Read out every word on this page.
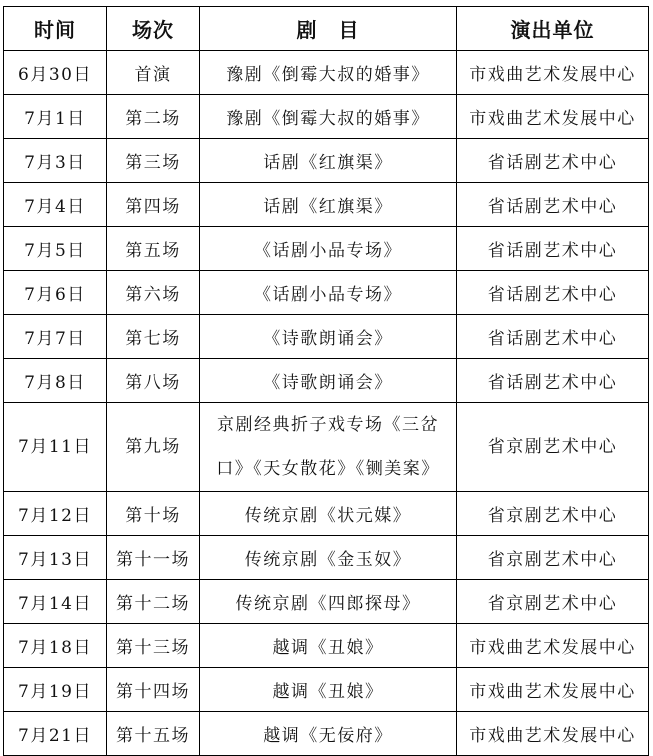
时间	场次	剧　目	演出单位
6月30日	首演	豫剧《倒霉大叔的婚事》	市戏曲艺术发展中心
7月1日	第二场	豫剧《倒霉大叔的婚事》	市戏曲艺术发展中心
7月3日	第三场	话剧《红旗渠》	省话剧艺术中心
7月4日	第四场	话剧《红旗渠》	省话剧艺术中心
7月5日	第五场	《话剧小品专场》	省话剧艺术中心
7月6日	第六场	《话剧小品专场》	省话剧艺术中心
7月7日	第七场	《诗歌朗诵会》	省话剧艺术中心
7月8日	第八场	《诗歌朗诵会》	省话剧艺术中心
7月11日	第九场	京剧经典折子戏专场《三岔口》《天女散花》《铡美案》	省京剧艺术中心
7月12日	第十场	传统京剧《状元媒》	省京剧艺术中心
7月13日	第十一场	传统京剧《金玉奴》	省京剧艺术中心
7月14日	第十二场	传统京剧《四郎探母》	省京剧艺术中心
7月18日	第十三场	越调《丑娘》	市戏曲艺术发展中心
7月19日	第十四场	越调《丑娘》	市戏曲艺术发展中心
7月21日	第十五场	越调《无佞府》	市戏曲艺术发展中心
